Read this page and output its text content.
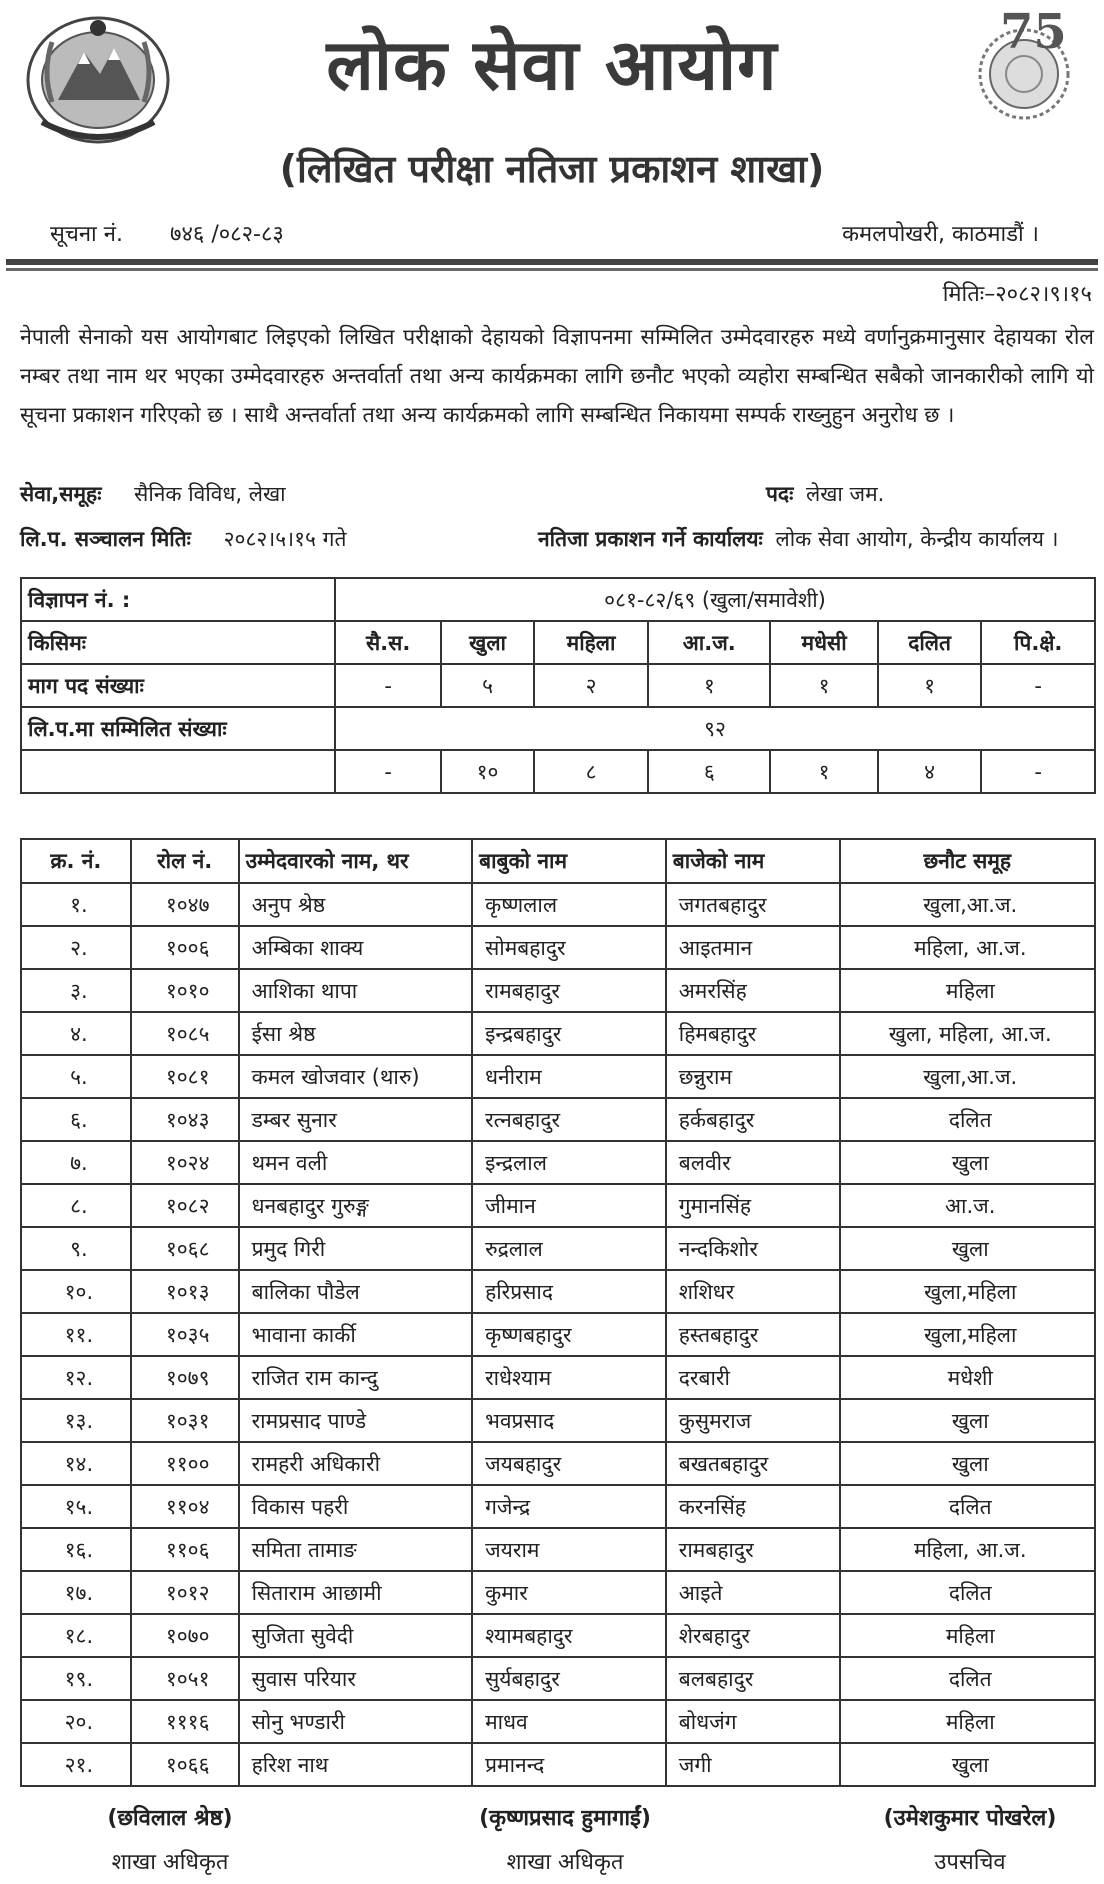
75
लोक सेवा आयोग
(लिखित परीक्षा नतिजा प्रकाशन शाखा)
सूचना नं. ७४६ /०८२-८३	कमलपोखरी, काठमाडौं ।
मितिः–२०८२।९।१५
नेपाली सेनाको यस आयोगबाट लिइएको लिखित परीक्षाको देहायको विज्ञापनमा सम्मिलित उम्मेदवारहरु मध्ये वर्णानुक्रमानुसार देहायका रोल नम्बर तथा नाम थर भएका उम्मेदवारहरु अन्तर्वार्ता तथा अन्य कार्यक्रमका लागि छनौट भएको व्यहोरा सम्बन्धित सबैको जानकारीको लागि यो सूचना प्रकाशन गरिएको छ । साथै अन्तर्वार्ता तथा अन्य कार्यक्रमको लागि सम्बन्धित निकायमा सम्पर्क राख्नुहुन अनुरोध छ ।
सेवा,समूहः सैनिक विविध, लेखा	पदः लेखा जम.
लि.प. सञ्चालन मितिः २०८२।५।१५ गते	नतिजा प्रकाशन गर्ने कार्यालयः लोक सेवा आयोग, केन्द्रीय कार्यालय ।
विज्ञापन नं. :	०८१-८२/६९ (खुला/समावेशी)						
किसिमः	सै.स.	खुला	महिला	आ.ज.	मधेसी	दलित	पि.क्षे.
माग पद संख्याः	-	५	२	१	१	१	-
लि.प.मा सम्मिलित संख्याः	९२						
	-	१०	८	६	१	४	-
क्र. नं.	रोल नं.	उम्मेदवारको नाम, थर	बाबुको नाम	बाजेको नाम	छनौट समूह
१.	१०४७	अनुप श्रेष्ठ	कृष्णलाल	जगतबहादुर	खुला,आ.ज.
२.	१००६	अम्बिका शाक्य	सोमबहादुर	आइतमान	महिला, आ.ज.
३.	१०१०	आशिका थापा	रामबहादुर	अमरसिंह	महिला
४.	१०८५	ईसा श्रेष्ठ	इन्द्रबहादुर	हिमबहादुर	खुला, महिला, आ.ज.
५.	१०८१	कमल खोजवार (थारु)	धनीराम	छन्नुराम	खुला,आ.ज.
६.	१०४३	डम्बर सुनार	रत्नबहादुर	हर्कबहादुर	दलित
७.	१०२४	थमन वली	इन्द्रलाल	बलवीर	खुला
८.	१०८२	धनबहादुर गुरुङ्ग	जीमान	गुमानसिंह	आ.ज.
९.	१०६८	प्रमुद गिरी	रुद्रलाल	नन्दकिशोर	खुला
१०.	१०१३	बालिका पौडेल	हरिप्रसाद	शशिधर	खुला,महिला
११.	१०३५	भावाना कार्की	कृष्णबहादुर	हस्तबहादुर	खुला,महिला
१२.	१०७९	राजित राम कान्दु	राधेश्याम	दरबारी	मधेशी
१३.	१०३१	रामप्रसाद पाण्डे	भवप्रसाद	कुसुमराज	खुला
१४.	११००	रामहरी अधिकारी	जयबहादुर	बखतबहादुर	खुला
१५.	११०४	विकास पहरी	गजेन्द्र	करनसिंह	दलित
१६.	११०६	समिता तामाङ	जयराम	रामबहादुर	महिला, आ.ज.
१७.	१०१२	सिताराम आछामी	कुमार	आइते	दलित
१८.	१०७०	सुजिता सुवेदी	श्यामबहादुर	शेरबहादुर	महिला
१९.	१०५१	सुवास परियार	सुर्यबहादुर	बलबहादुर	दलित
२०.	१११६	सोनु भण्डारी	माधव	बोधजंग	महिला
२१.	१०६६	हरिश नाथ	प्रमानन्द	जगी	खुला
(छविलाल श्रेष्ठ)
शाखा अधिकृत
(कृष्णप्रसाद हुमागाईं)
शाखा अधिकृत
(उमेशकुमार पोखरेल)
उपसचिव
